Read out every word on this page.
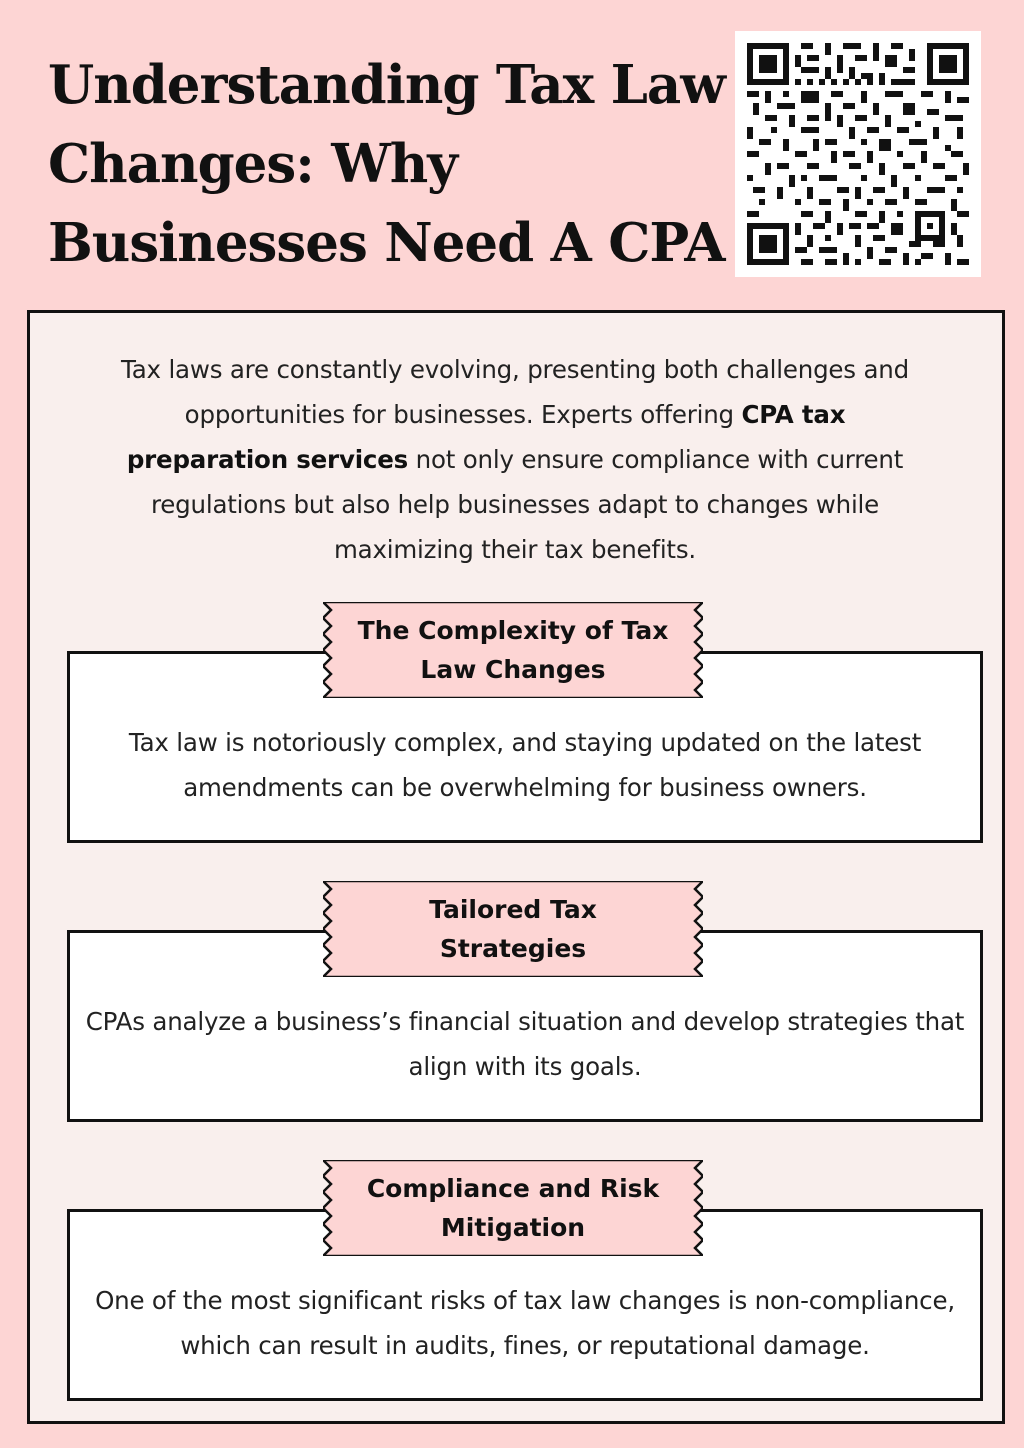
Understanding Tax Law Changes: Why Businesses Need A CPA

Tax laws are constantly evolving, presenting both challenges and opportunities for businesses. Experts offering CPA tax preparation services not only ensure compliance with current regulations but also help businesses adapt to changes while maximizing their tax benefits.

Tax law is notoriously complex, and staying updated on the latest amendments can be overwhelming for business owners.

The Complexity of Tax Law Changes

CPAs analyze a business’s financial situation and develop strategies that align with its goals.

Tailored Tax Strategies

One of the most significant risks of tax law changes is non-compliance, which can result in audits, fines, or reputational damage.

Compliance and Risk Mitigation
